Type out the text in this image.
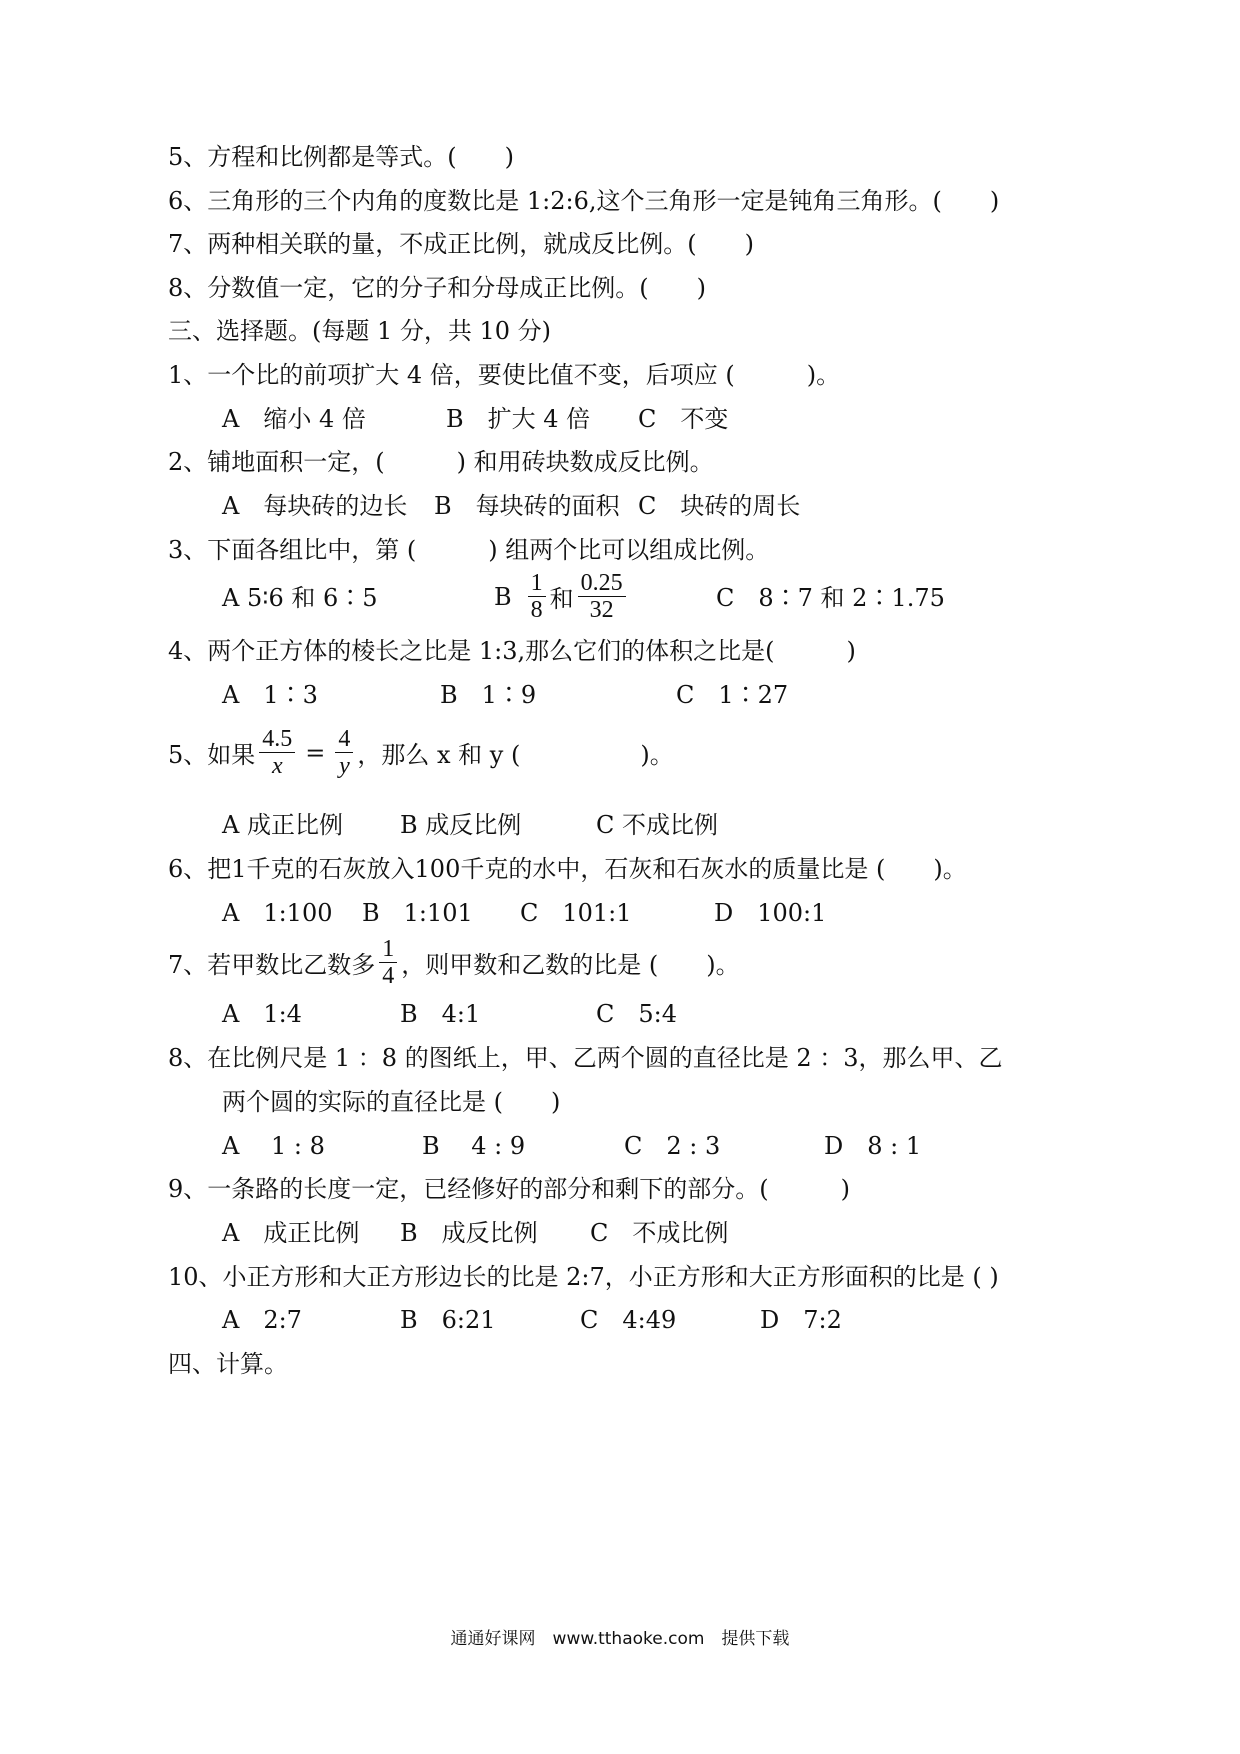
5、方程和比例都是等式。(　　)
6、三角形的三个内角的度数比是 1:2:6,这个三角形一定是钝角三角形。(　　)
7、两种相关联的量，不成正比例，就成反比例。(　　)
8、分数值一定，它的分子和分母成正比例。(　　)
三、选择题。(每题 1 分，共 10 分)
1、一个比的前项扩大 4 倍，要使比值不变，后项应 (　　　)。
A　缩小 4 倍	B　扩大 4 倍 C　不变
2、铺地面积一定，(　　　) 和用砖块数成反比例。
A　每块砖的边长 B　每块砖的面积 C　块砖的周长
3、下面各组比中，第 (　　　) 组两个比可以组成比例。
A 5∶6 和 6∶5	B $\frac{1}{8}$ 和 $\frac{0.25}{32}$	C　8∶7 和 2∶1.75
4、两个正方体的棱长之比是 1:3,那么它们的体积之比是(　　　)
A　1∶3	B　1∶9	C　1∶27
5、如果 $\frac{4.5}{x} = \frac{4}{y}$ ，那么 x 和 y (　　　　　)。
A 成正比例 B 成反比例	C 不成比例
6、把1千克的石灰放入100千克的水中，石灰和石灰水的质量比是 (　　)。
A　1:100 B　1:101 C　101:1	D　100:1
7、若甲数比乙数多 $\frac{1}{4}$ ，则甲数和乙数的比是 (　　)。
A　1:4	B　4:1	C　5:4
8、在比例尺是 1 ：8 的图纸上，甲、乙两个圆的直径比是 2 ：3，那么甲、乙
两个圆的实际的直径比是 (　　)
A　 1 : 8	B　 4 : 9	C　2 : 3	D　8 : 1
9、一条路的长度一定，已经修好的部分和剩下的部分。(　　　)
A　成正比例 B　成反比例 C　不成比例
10、小正方形和大正方形边长的比是 2:7，小正方形和大正方形面积的比是 ( )
A　2:7	B　6:21	C　4:49	D　7:2
四、计算。
通通好课网　www.tthaoke.com　提供下载
